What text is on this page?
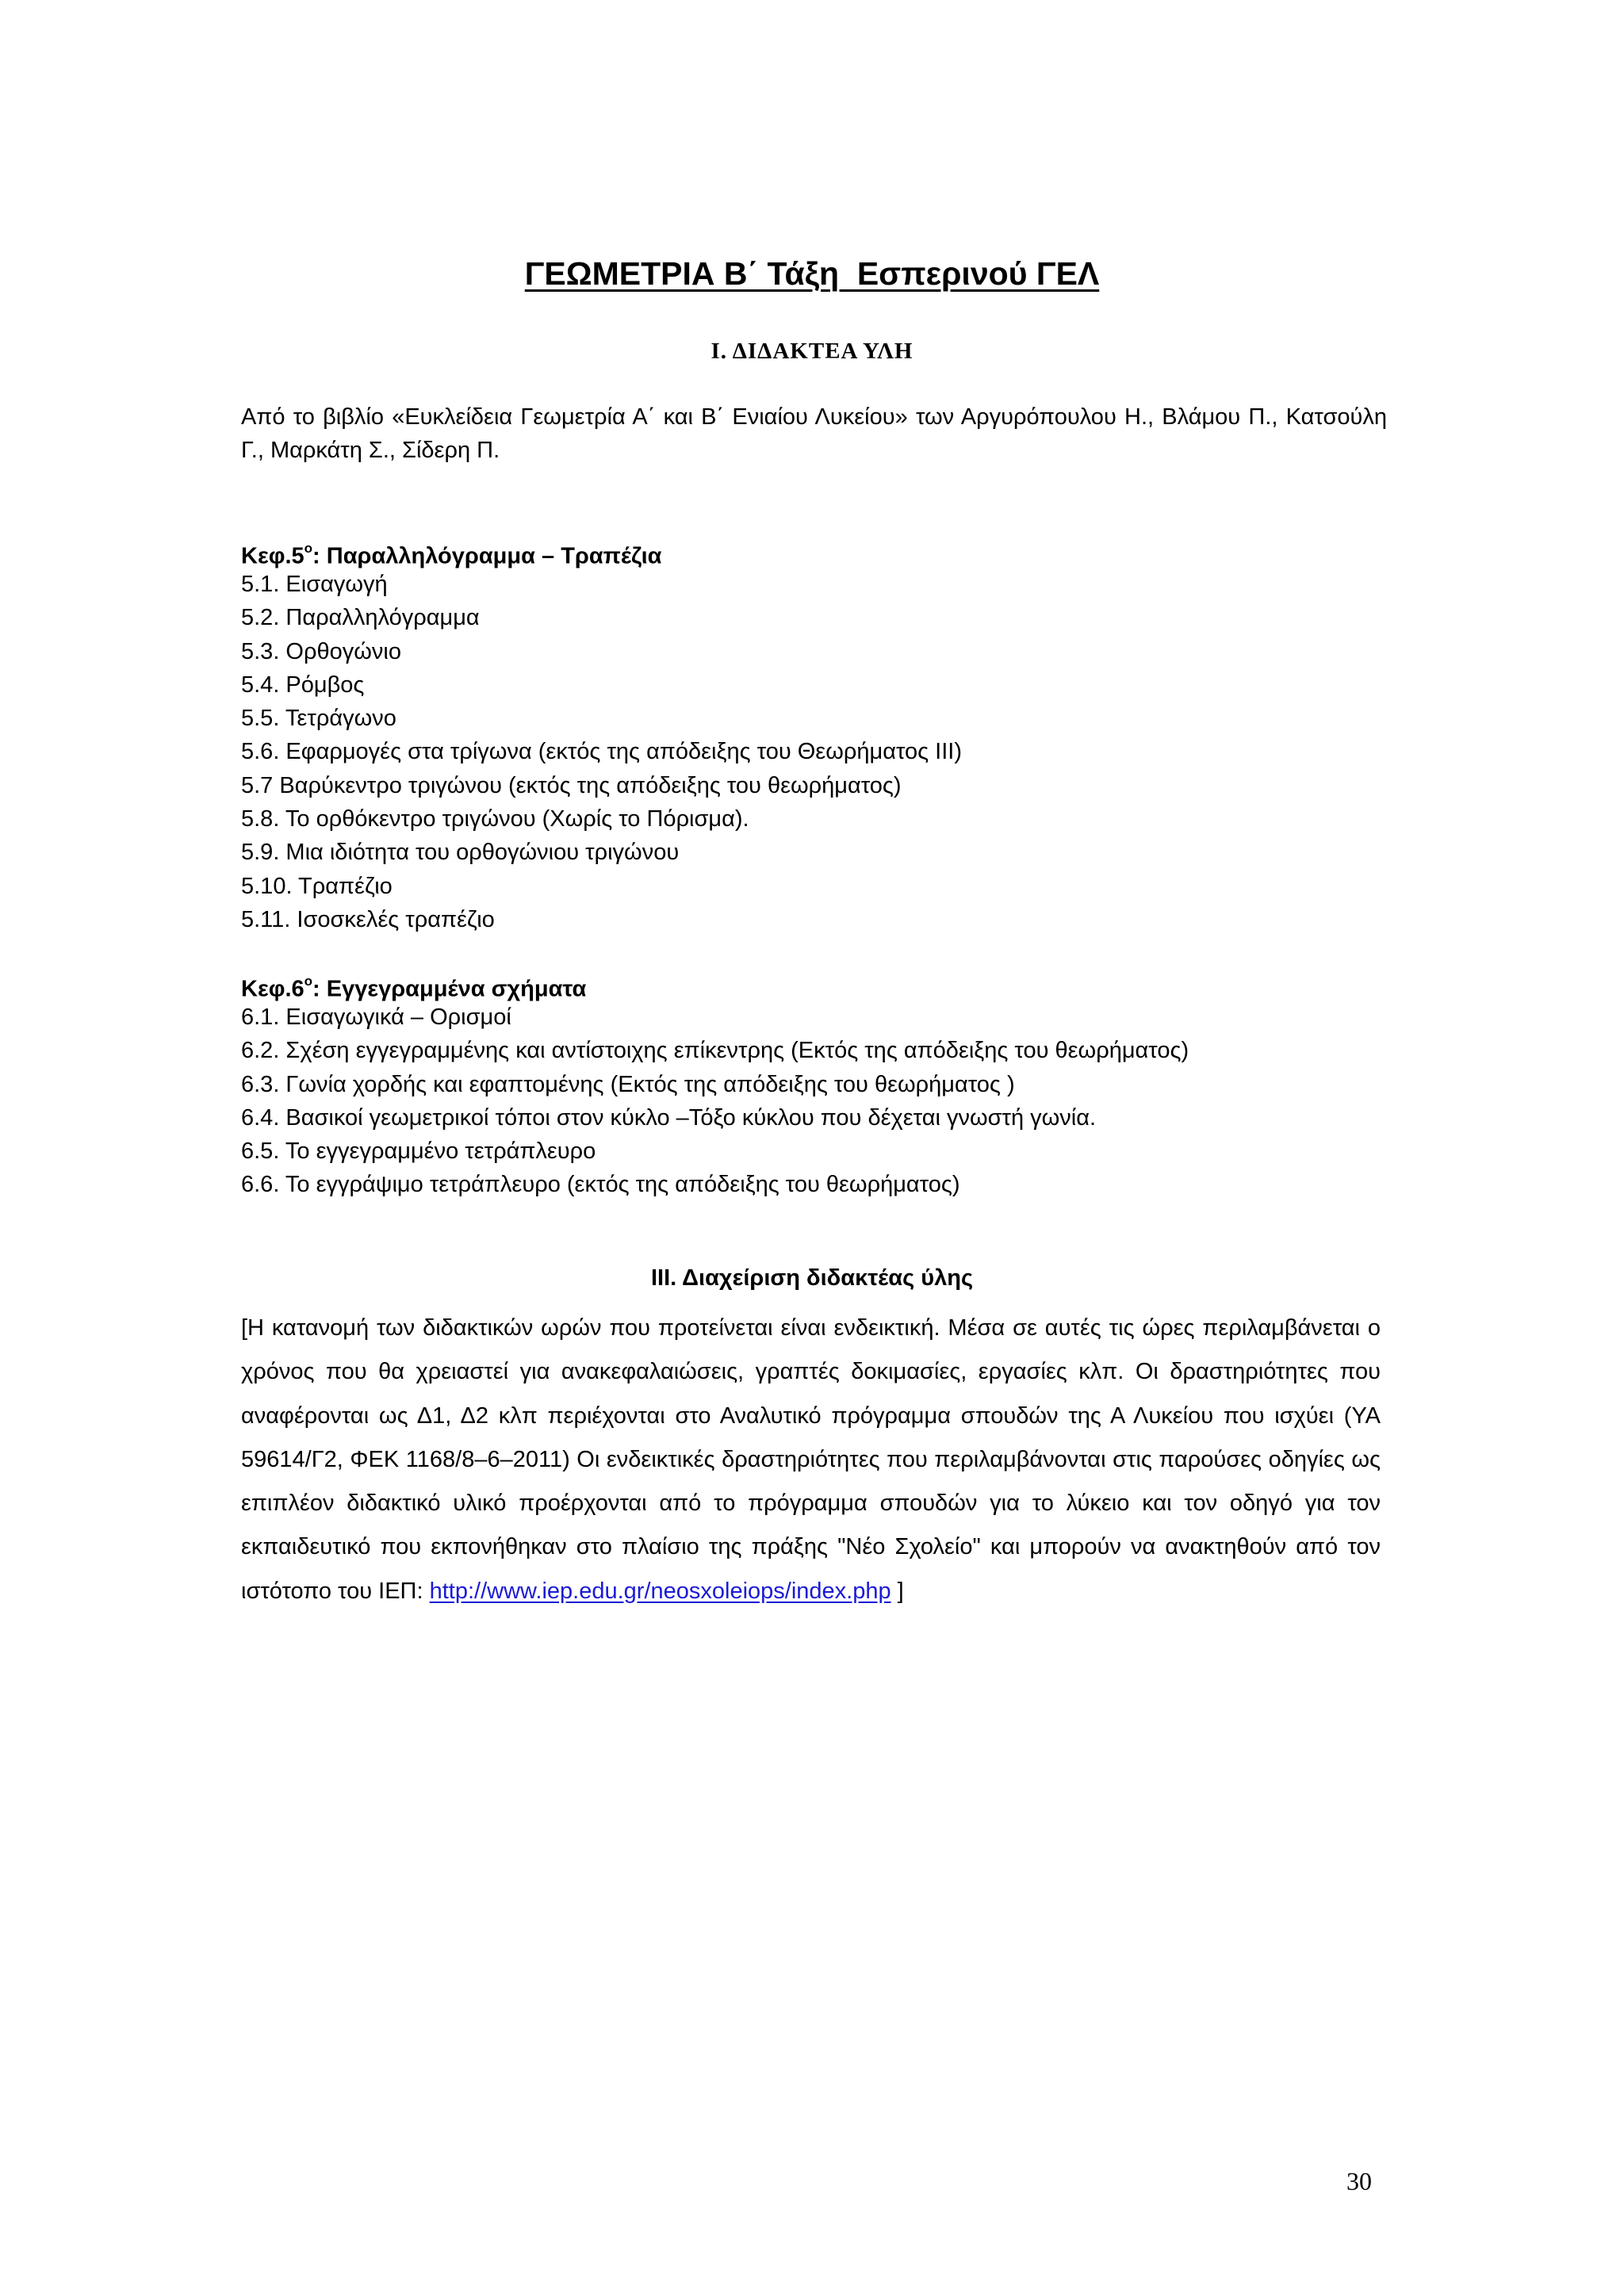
ΓΕΩΜΕΤΡΙΑ Β΄ Τάξη  Εσπερινού ΓΕΛ
Ι. ΔΙΔΑΚΤΕΑ ΥΛΗ
Από το βιβλίο «Ευκλείδεια Γεωμετρία Α΄ και Β΄ Ενιαίου Λυκείου» των Αργυρόπουλου Η., Βλάμου Π., Κατσούλη Γ., Μαρκάτη Σ., Σίδερη Π.
$K\varepsilon\varphi.5^o$: Παραλληλόγραμμα – Τραπέζια
5.1. Εισαγωγή
5.2. Παραλληλόγραμμα
5.3. Ορθογώνιο
5.4. Ρόμβος
5.5. Τετράγωνο
5.6. Εφαρμογές στα τρίγωνα (εκτός της απόδειξης του Θεωρήματος ΙΙΙ)
5.7 Βαρύκεντρο τριγώνου (εκτός της απόδειξης του θεωρήματος)
5.8. Το ορθόκεντρο τριγώνου (Χωρίς το Πόρισμα).
5.9. Μια ιδιότητα του ορθογώνιου τριγώνου
5.10. Τραπέζιο
5.11. Ισοσκελές τραπέζιο
$K\varepsilon\varphi.6^o$: Εγγεγραμμένα σχήματα
6.1. Εισαγωγικά – Ορισμοί
6.2. Σχέση εγγεγραμμένης και αντίστοιχης επίκεντρης (Εκτός της απόδειξης του θεωρήματος)
6.3. Γωνία χορδής και εφαπτομένης (Εκτός της απόδειξης του θεωρήματος )
6.4. Βασικοί γεωμετρικοί τόποι στον κύκλο –Τόξο κύκλου που δέχεται γνωστή γωνία.
6.5. Το εγγεγραμμένο τετράπλευρο
6.6. Το εγγράψιμο τετράπλευρο (εκτός της απόδειξης του θεωρήματος)
ΙΙΙ. Διαχείριση διδακτέας ύλης
[Η κατανομή των διδακτικών ωρών που προτείνεται είναι ενδεικτική. Μέσα σε αυτές τις ώρες περιλαμβάνεται ο χρόνος που θα χρειαστεί για ανακεφαλαιώσεις, γραπτές δοκιμασίες, εργασίες κλπ. Οι δραστηριότητες που αναφέρονται ως Δ1, Δ2 κλπ περιέχονται στο Αναλυτικό πρόγραμμα σπουδών της Α Λυκείου που ισχύει (ΥΑ 59614/Γ2, ΦΕΚ 1168/8–6–2011) Οι ενδεικτικές δραστηριότητες που περιλαμβάνονται στις παρούσες οδηγίες ως επιπλέον διδακτικό υλικό προέρχονται από το πρόγραμμα σπουδών για το λύκειο και τον οδηγό για τον εκπαιδευτικό που εκπονήθηκαν στο πλαίσιο της πράξης "Νέο Σχολείο" και μπορούν να ανακτηθούν από τον ιστότοπο του ΙΕΠ: http://www.iep.edu.gr/neosxoleiops/index.php ]
30
